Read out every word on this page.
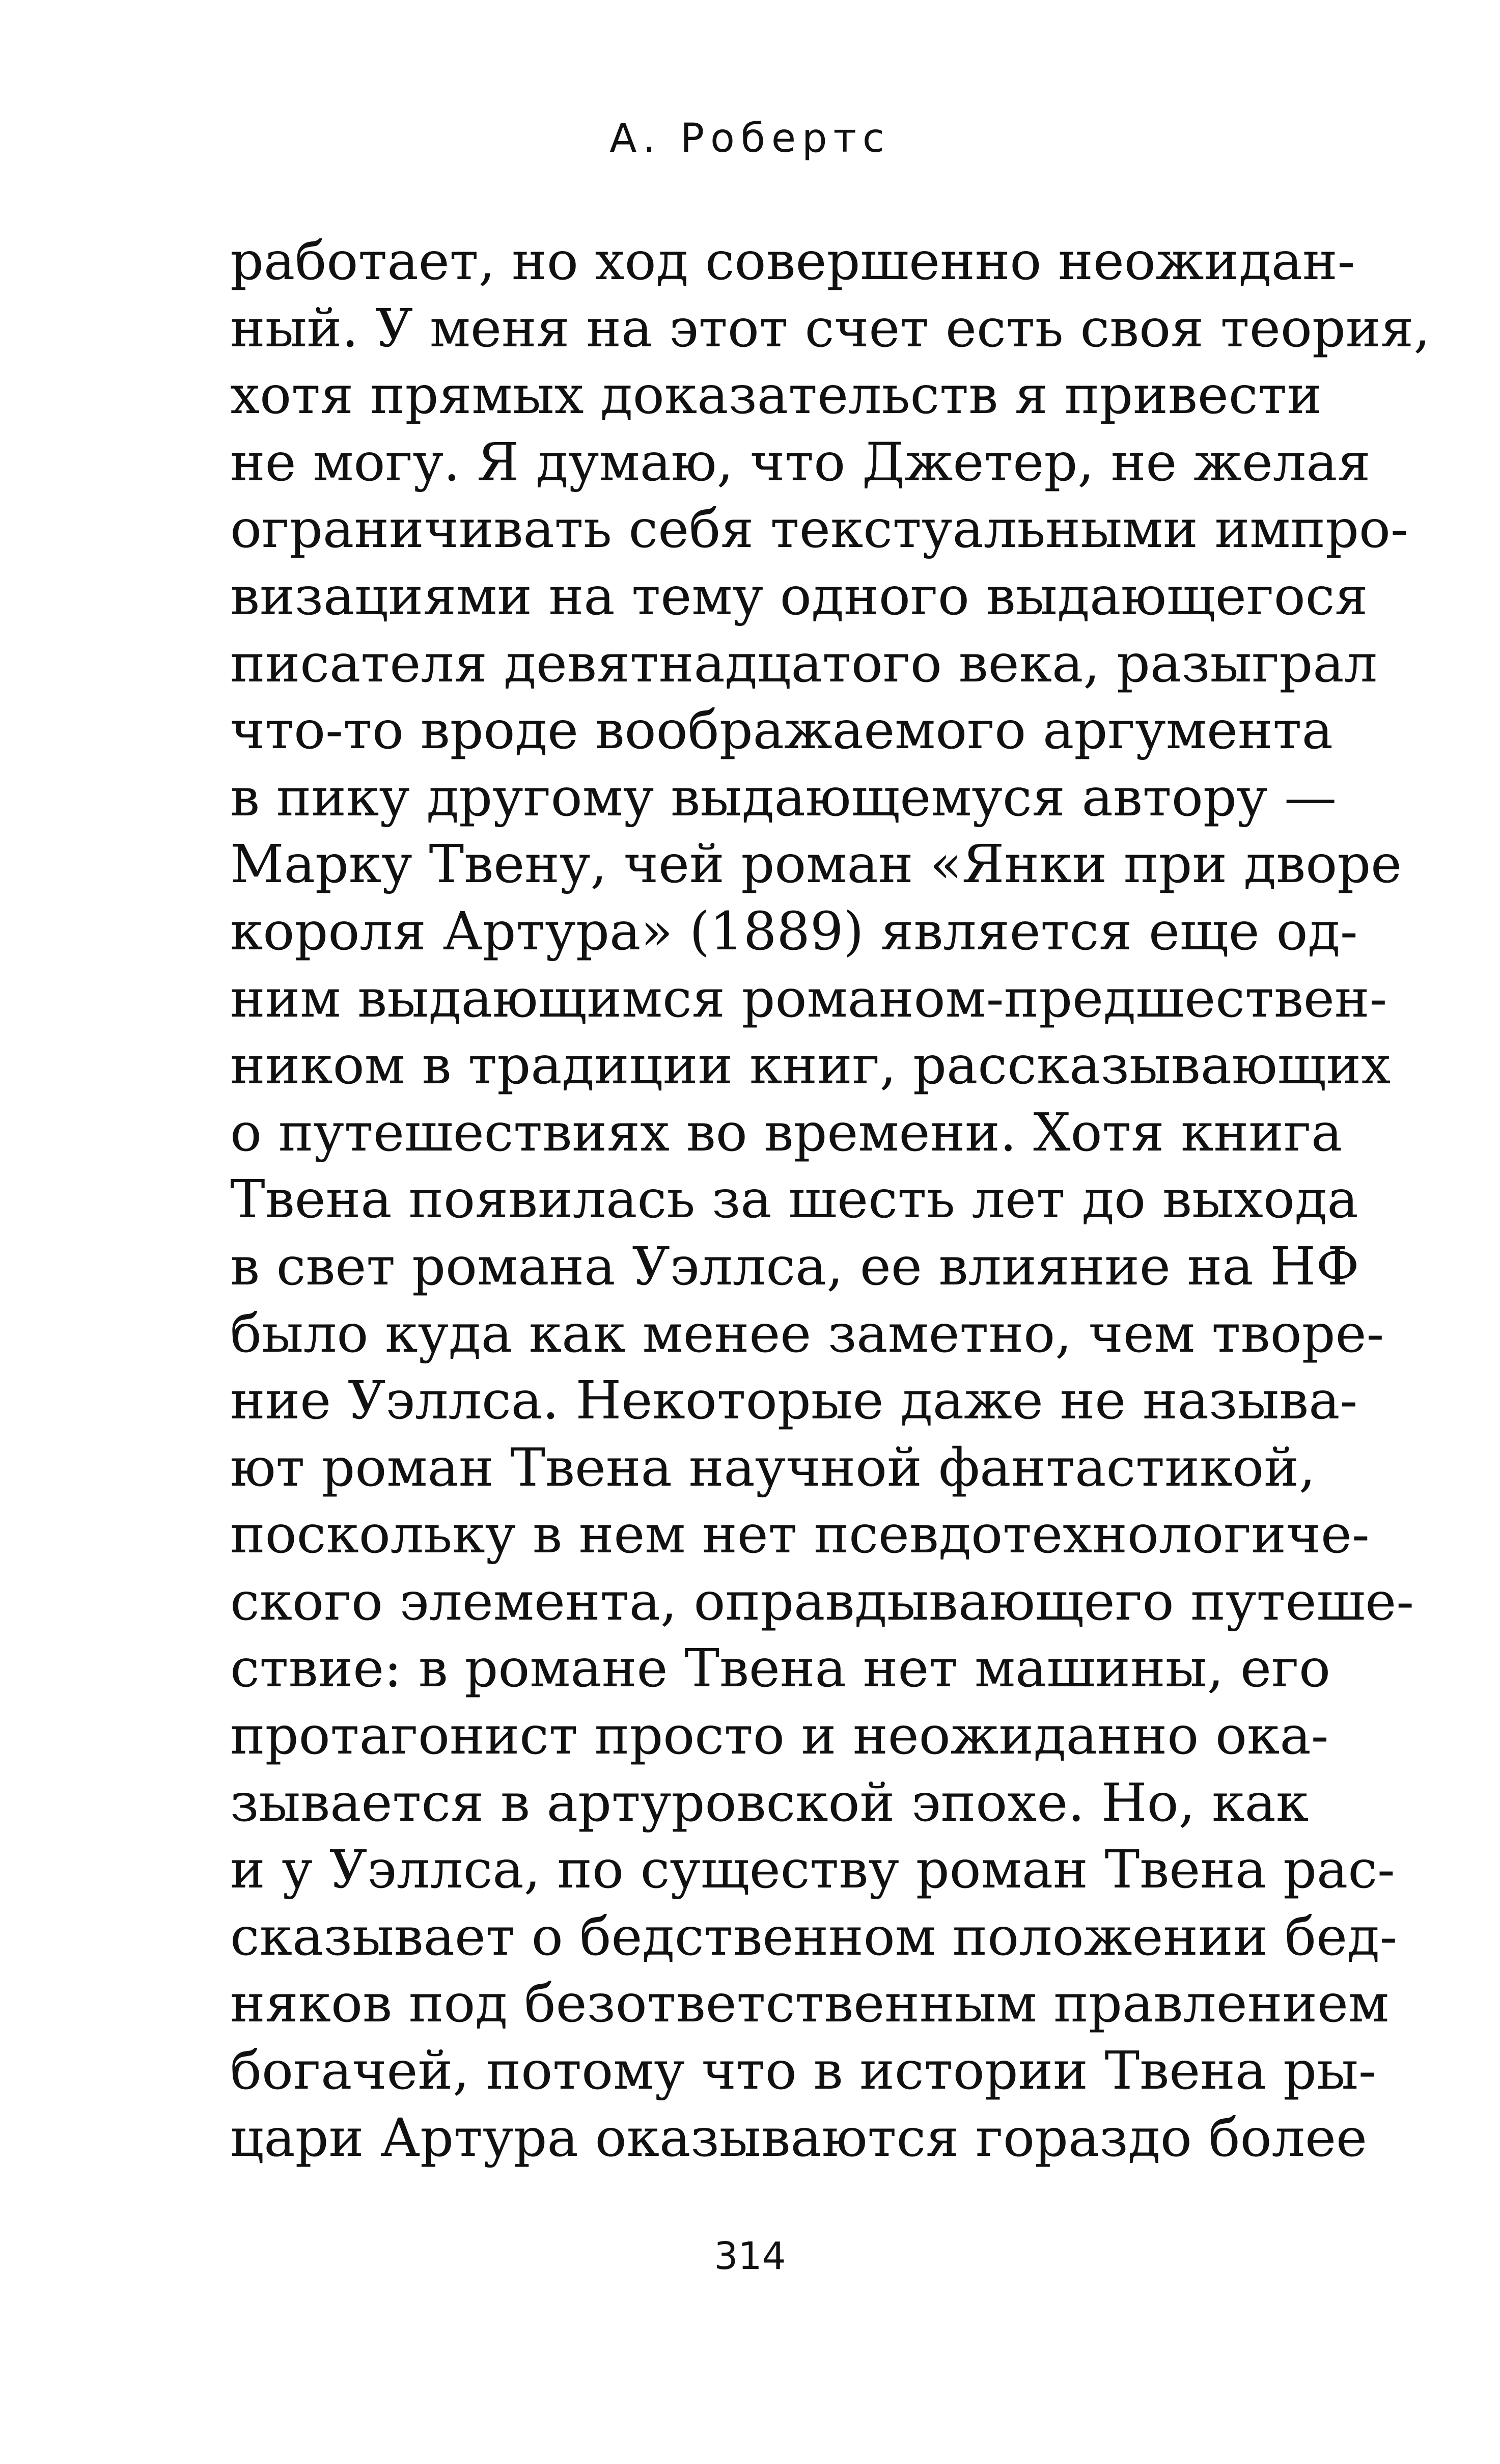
А. Робертс
работает, но ход совершенно неожидан-
ный. У меня на этот счет есть своя теория,
хотя прямых доказательств я привести
не могу. Я думаю, что Джетер, не желая
ограничивать себя текстуальными импро-
визациями на тему одного выдающегося
писателя девятнадцатого века, разыграл
что-то вроде воображаемого аргумента
в пику другому выдающемуся автору —
Марку Твену, чей роман «Янки при дворе
короля Артура» (1889) является еще од-
ним выдающимся романом-предшествен-
ником в традиции книг, рассказывающих
о путешествиях во времени. Хотя книга
Твена появилась за шесть лет до выхода
в свет романа Уэллса, ее влияние на НФ
было куда как менее заметно, чем творе-
ние Уэллса. Некоторые даже не называ-
ют роман Твена научной фантастикой,
поскольку в нем нет псевдотехнологиче-
ского элемента, оправдывающего путеше-
ствие: в романе Твена нет машины, его
протагонист просто и неожиданно ока-
зывается в артуровской эпохе. Но, как
и у Уэллса, по существу роман Твена рас-
сказывает о бедственном положении бед-
няков под безответственным правлением
богачей, потому что в истории Твена ры-
цари Артура оказываются гораздо более
314
